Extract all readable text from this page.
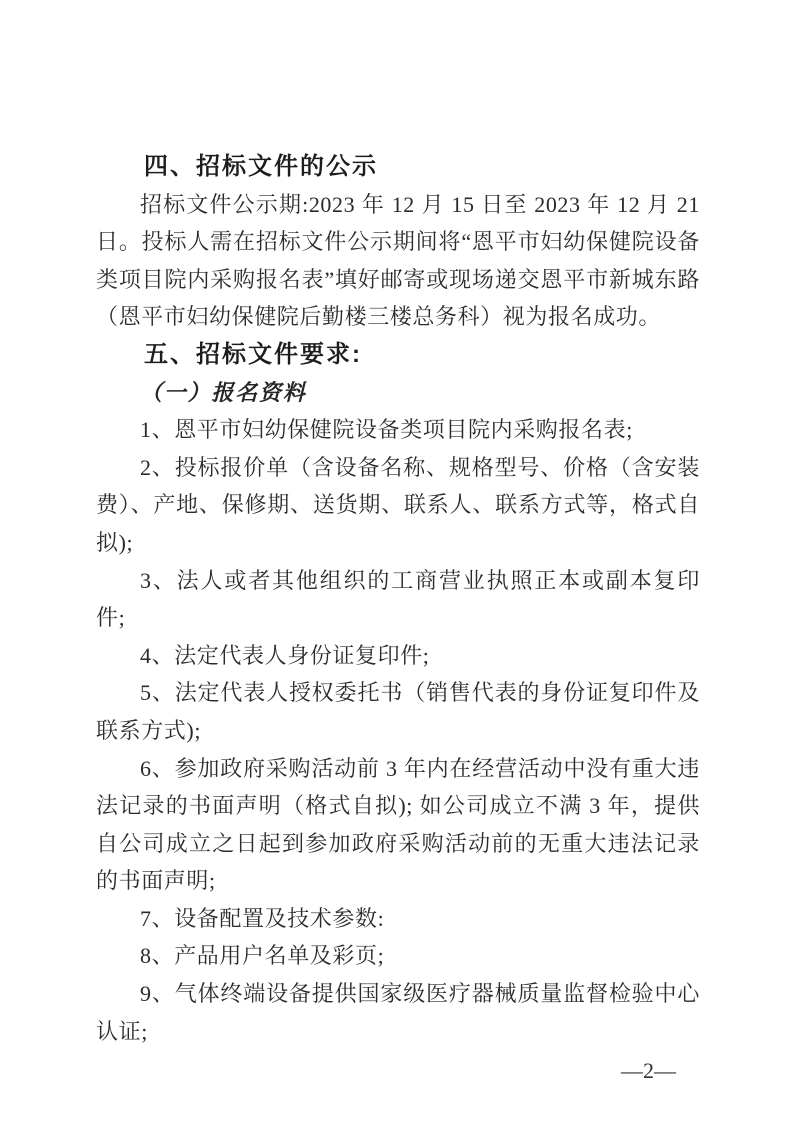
四、招标文件的公示

招标文件公示期:2023 年 12 月 15 日至 2023 年 12 月 21 日。投标人需在招标文件公示期间将“恩平市妇幼保健院设备类项目院内采购报名表”填好邮寄或现场递交恩平市新城东路（恩平市妇幼保健院后勤楼三楼总务科）视为报名成功。

五、招标文件要求:

（一）报名资料

1、恩平市妇幼保健院设备类项目院内采购报名表;

2、投标报价单（含设备名称、规格型号、价格（含安装费）、产地、保修期、送货期、联系人、联系方式等，格式自拟);

3、法人或者其他组织的工商营业执照正本或副本复印件;

4、法定代表人身份证复印件;

5、法定代表人授权委托书（销售代表的身份证复印件及联系方式);

6、参加政府采购活动前 3 年内在经营活动中没有重大违法记录的书面声明（格式自拟); 如公司成立不满 3 年，提供自公司成立之日起到参加政府采购活动前的无重大违法记录的书面声明;

7、设备配置及技术参数:

8、产品用户名单及彩页;

9、气体终端设备提供国家级医疗器械质量监督检验中心认证;

—2—
